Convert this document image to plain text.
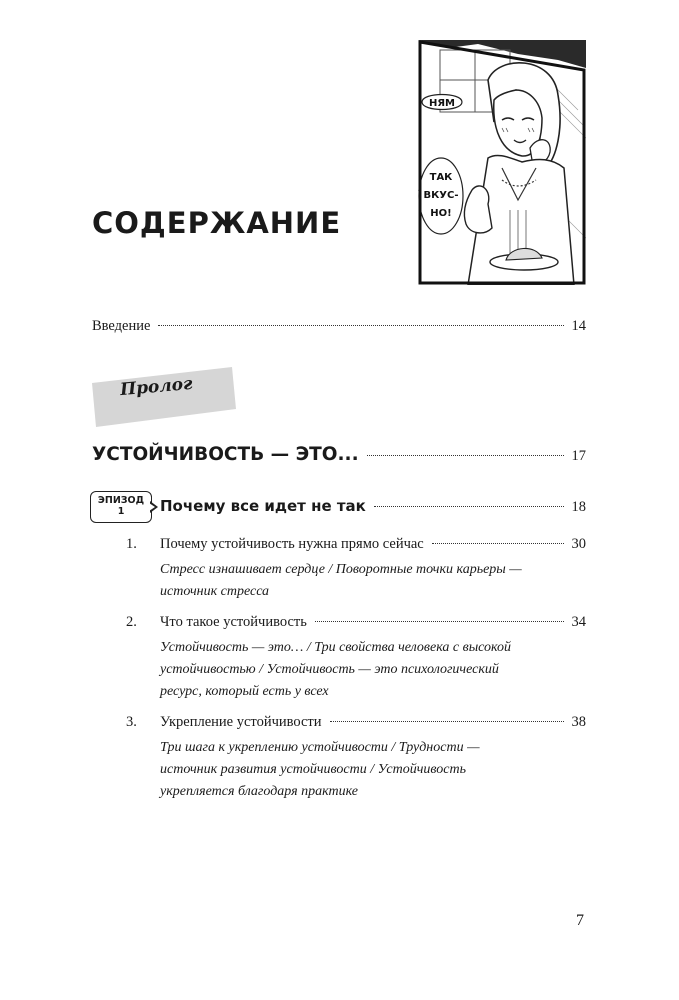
НЯМ
ТАК
ВКУС-
НО!
СОДЕРЖАНИЕ
Введение	14
Пролог
УСТОЙЧИВОСТЬ — ЭТО...	17
ЭПИЗОД
1	Почему все идет не так	18
1. Почему устойчивость нужна прямо сейчас	30

Стресс изнашивает сердце / Поворотные точки карьеры —
источник стресса

2. Что такое устойчивость	34

Устойчивость — это… / Три свойства человека с высокой
устойчивостью / Устойчивость — это психологический
ресурс, который есть у всех

3. Укрепление устойчивости	38

Три шага к укреплению устойчивости / Трудности —
источник развития устойчивости / Устойчивость
укрепляется благодаря практике

7
